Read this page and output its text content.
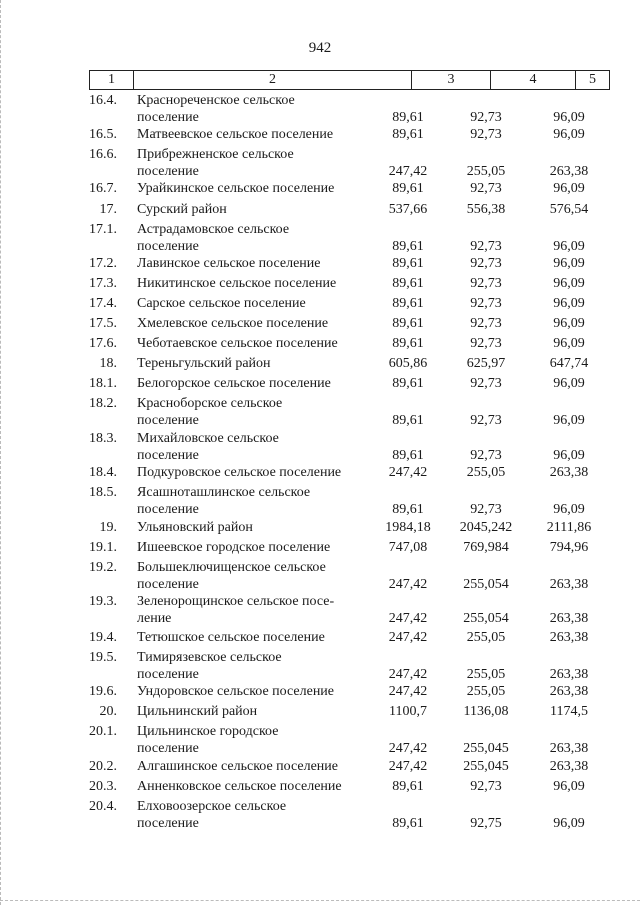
942
1	2	3	4	5
16.4. Краснореченское сельское
поселение	89,61	92,73	96,09
16.5. Матвеевское сельское поселение	89,61	92,73	96,09
16.6. Прибрежненское сельское
поселение	247,42	255,05	263,38
16.7. Урайкинское сельское поселение	89,61	92,73	96,09
17. Сурский район	537,66	556,38	576,54
17.1. Астрадамовское сельское
поселение	89,61	92,73	96,09
17.2. Лавинское сельское поселение	89,61	92,73	96,09
17.3. Никитинское сельское поселение	89,61	92,73	96,09
17.4. Сарское сельское поселение	89,61	92,73	96,09
17.5. Хмелевское сельское поселение	89,61	92,73	96,09
17.6. Чеботаевское сельское поселение	89,61	92,73	96,09
18. Тереньгульский район	605,86	625,97	647,74
18.1. Белогорское сельское поселение	89,61	92,73	96,09
18.2. Красноборское сельское
поселение	89,61	92,73	96,09
18.3. Михайловское сельское
поселение	89,61	92,73	96,09
18.4. Подкуровское сельское поселение	247,42	255,05	263,38
18.5. Ясашноташлинское сельское
поселение	89,61	92,73	96,09
19. Ульяновский район	1984,18	2045,242	2111,86
19.1. Ишеевское городское поселение	747,08	769,984	794,96
19.2. Большеключищенское сельское
поселение	247,42	255,054	263,38
19.3. Зеленорощинское сельское посе-
ление	247,42	255,054	263,38
19.4. Тетюшское сельское поселение	247,42	255,05	263,38
19.5. Тимирязевское сельское
поселение	247,42	255,05	263,38
19.6. Ундоровское сельское поселение	247,42	255,05	263,38
20. Цильнинский район	1100,7	1136,08	1174,5
20.1. Цильнинское городское
поселение	247,42	255,045	263,38
20.2. Алгашинское сельское поселение	247,42	255,045	263,38
20.3. Анненковское сельское поселение	89,61	92,73	96,09
20.4. Елховоозерское сельское
поселение	89,61	92,75	96,09
